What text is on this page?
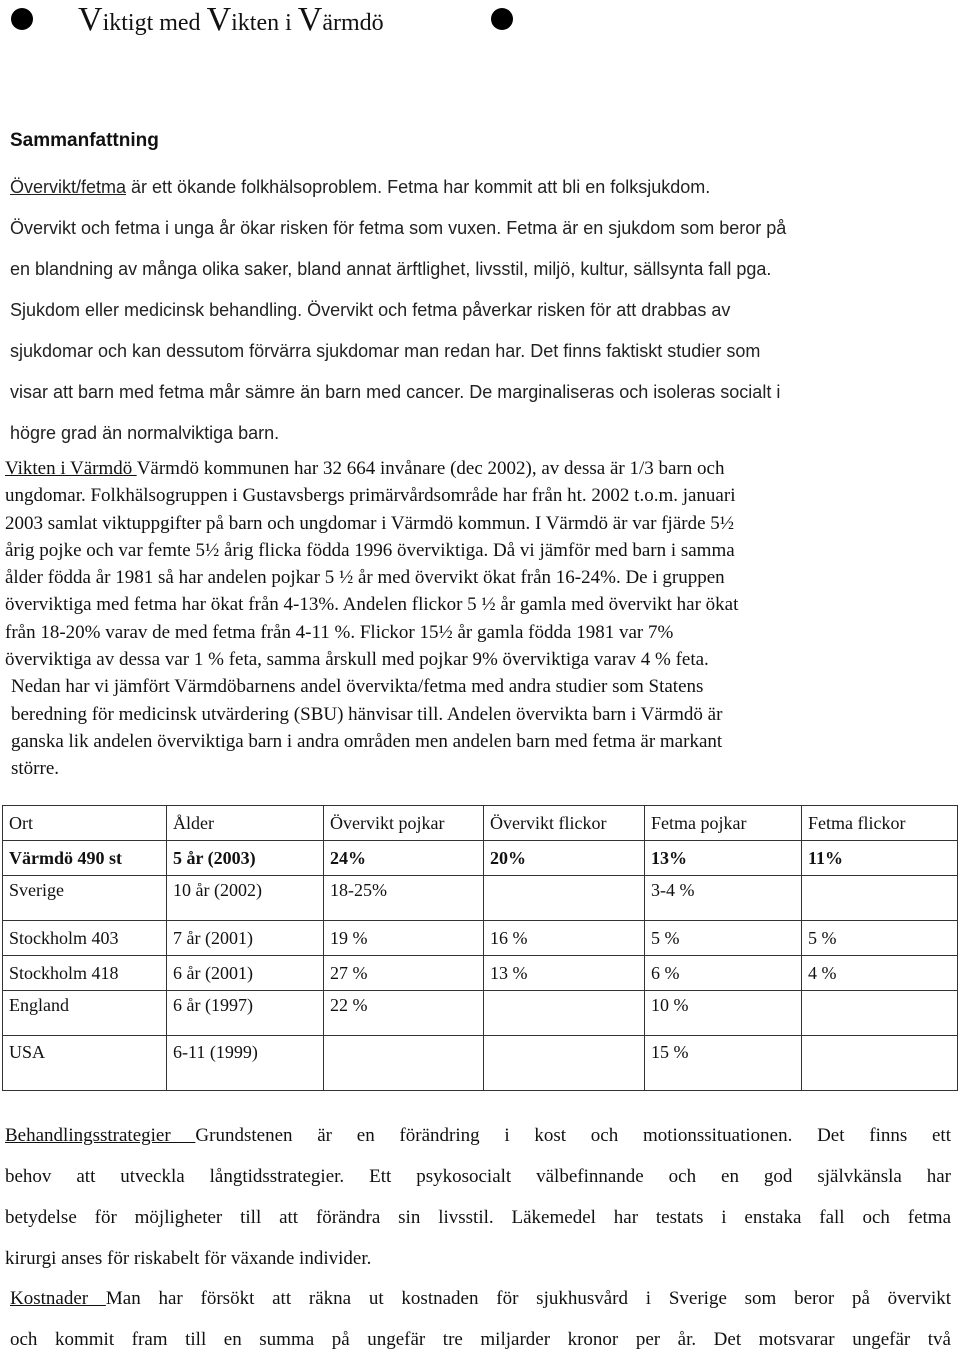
Viktigt med Vikten i Värmdö
Sammanfattning
Övervikt/fetma är ett ökande folkhälsoproblem. Fetma har kommit att bli en folksjukdom.
Övervikt och fetma i unga år ökar risken för fetma som vuxen. Fetma är en sjukdom som beror på
en blandning av många olika saker, bland annat ärftlighet, livsstil, miljö, kultur, sällsynta fall pga.
Sjukdom eller medicinsk behandling. Övervikt och fetma påverkar risken för att drabbas av
sjukdomar och kan dessutom förvärra sjukdomar man redan har. Det finns faktiskt studier som
visar att barn med fetma mår sämre än barn med cancer. De marginaliseras och isoleras socialt i
högre grad än normalviktiga barn.
Vikten i Värmdö Värmdö kommunen har 32 664 invånare (dec 2002), av dessa är 1/3 barn och
ungdomar. Folkhälsogruppen i Gustavsbergs primärvårdsområde har från ht. 2002 t.o.m. januari
2003 samlat viktuppgifter på barn och ungdomar i Värmdö kommun. I Värmdö är var fjärde 5½
årig pojke och var femte 5½ årig flicka födda 1996 överviktiga. Då vi jämför med barn i samma
ålder födda år 1981 så har andelen pojkar 5 ½ år med övervikt ökat från 16-24%. De i gruppen
överviktiga med fetma har ökat från 4-13%. Andelen flickor 5 ½ år gamla med övervikt har ökat
från 18-20% varav de med fetma från 4-11 %. Flickor 15½ år gamla födda 1981 var 7%
överviktiga av dessa var 1 % feta, samma årskull med pojkar 9% överviktiga varav 4 % feta.
Nedan har vi jämfört Värmdöbarnens andel övervikta/fetma med andra studier som Statens
beredning för medicinsk utvärdering (SBU) hänvisar till. Andelen övervikta barn i Värmdö är
ganska lik andelen överviktiga barn i andra områden men andelen barn med fetma är markant
större.
Ort	Ålder	Övervikt pojkar	Övervikt flickor	Fetma pojkar	Fetma flickor
Värmdö 490 st	5 år (2003)	24%	20%	13%	11%
Sverige	10 år (2002)	18-25%		3-4 %	
Stockholm 403	7 år (2001)	19 %	16 %	5 %	5 %
Stockholm 418	6 år (2001)	27 %	13 %	6 %	4 %
England	6 år (1997)	22 %		10 %	
USA	6-11 (1999)			15 %	
Behandlingsstrategier Grundstenen är en förändring i kost och motionssituationen. Det finns ett
behov att utveckla långtidsstrategier. Ett psykosocialt välbefinnande och en god självkänsla har
betydelse för möjligheter till att förändra sin livsstil. Läkemedel har testats i enstaka fall och fetma
kirurgi anses för riskabelt för växande individer.
Kostnader Man har försökt att räkna ut kostnaden för sjukhusvård i Sverige som beror på övervikt
och kommit fram till en summa på ungefär tre miljarder kronor per år. Det motsvarar ungefär två
